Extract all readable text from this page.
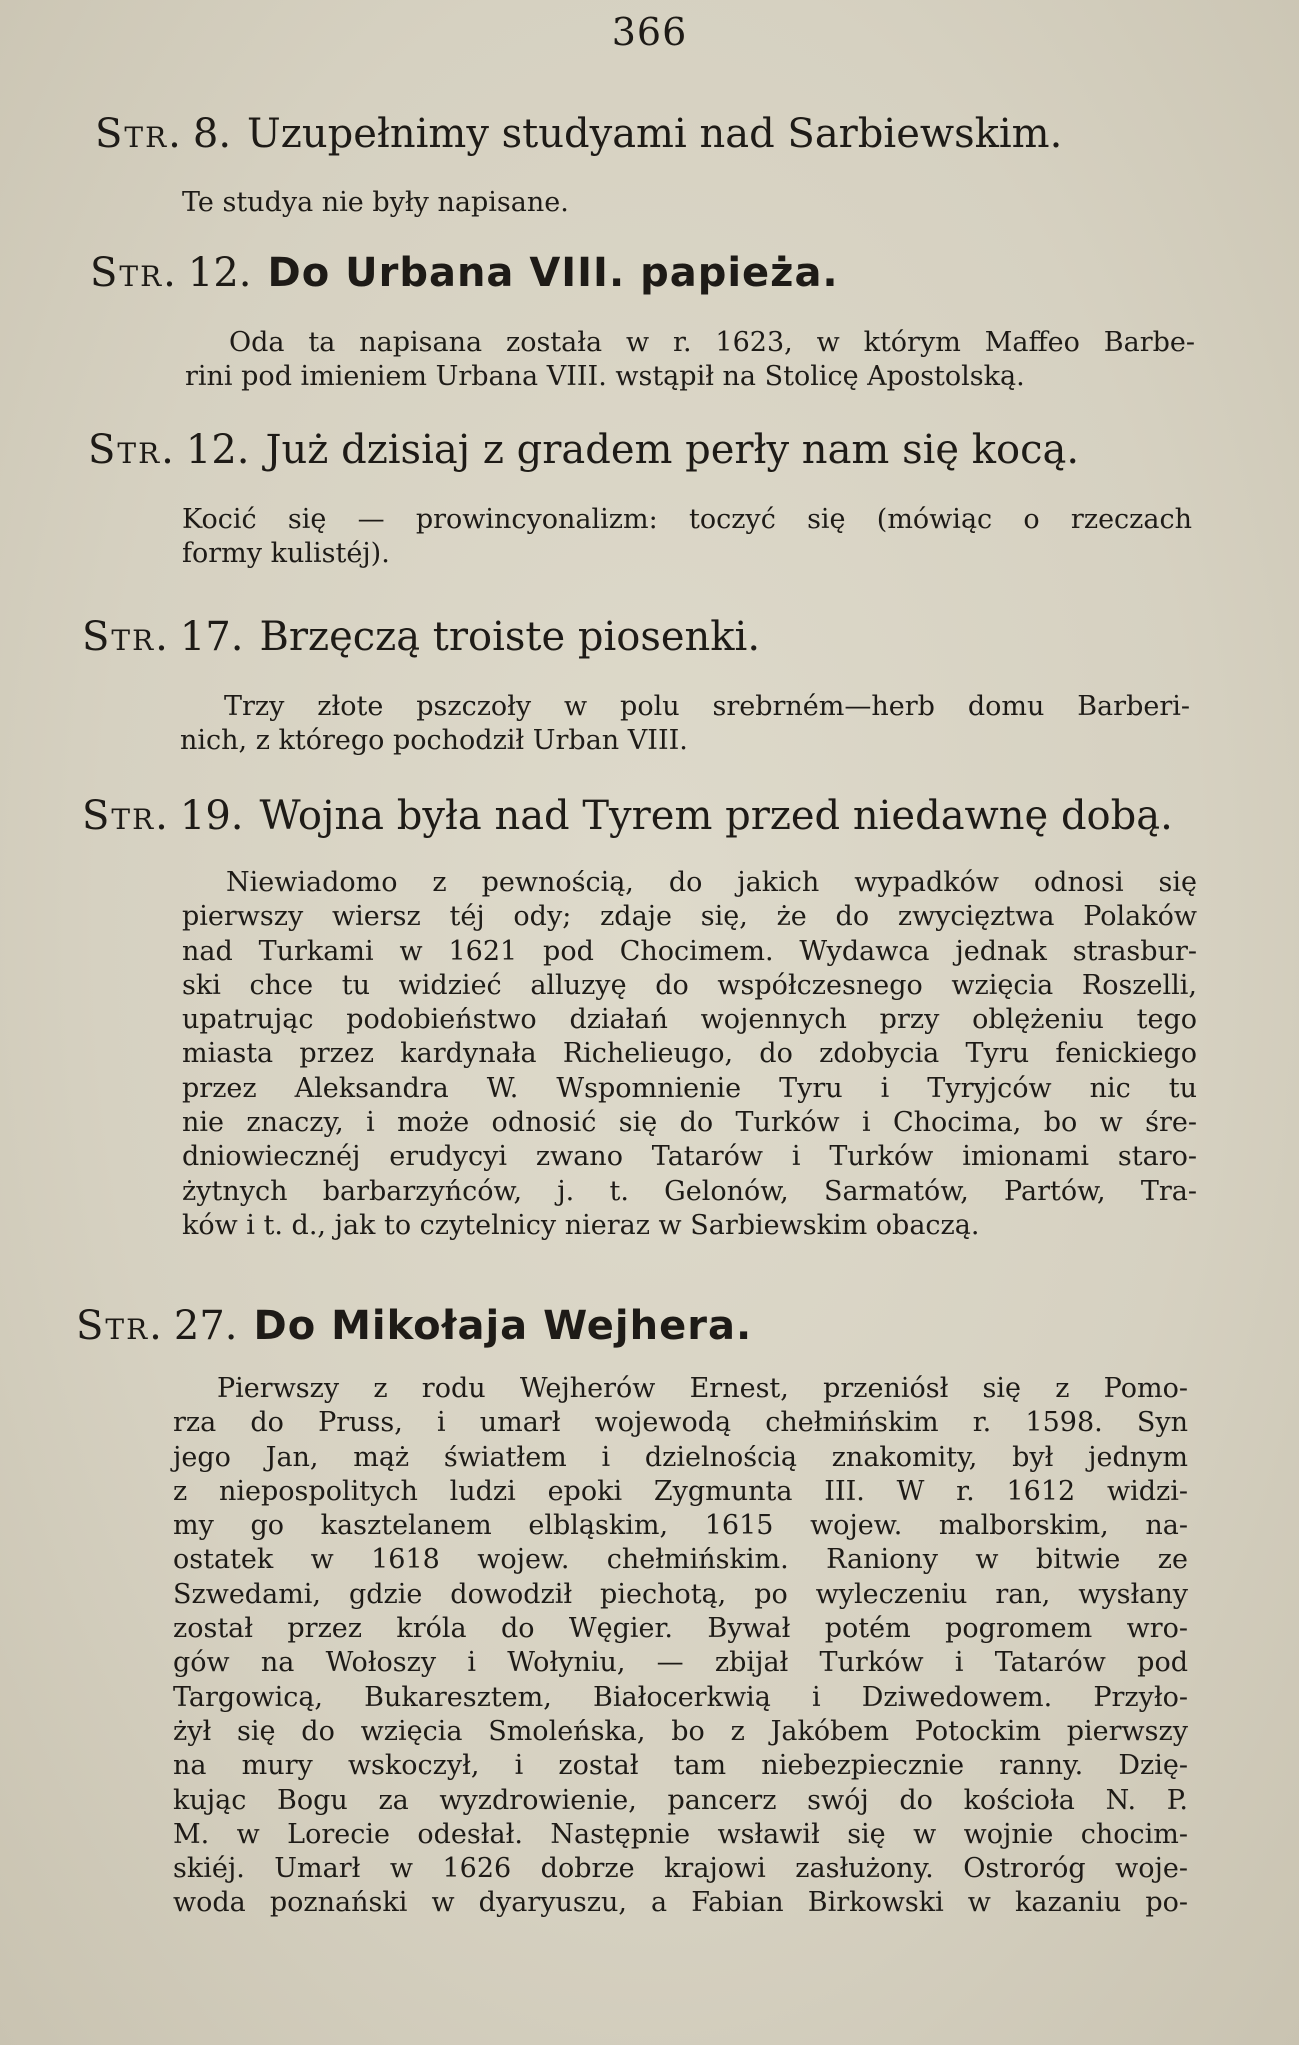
366
Str. 8. Uzupełnimy studyami nad Sarbiewskim.
Te studya nie były napisane.
Str. 12. Do Urbana VIII. papieża.
Oda ta napisana została w r. 1623, w którym Maffeo Barbe-
rini pod imieniem Urbana VIII. wstąpił na Stolicę Apostolską.
Str. 12. Już dzisiaj z gradem perły nam się kocą.
Kocić się — prowincyonalizm: toczyć się (mówiąc o rzeczach
formy kulistéj).
Str. 17. Brzęczą troiste piosenki.
Trzy złote pszczoły w polu srebrném—herb domu Barberi-
nich, z którego pochodził Urban VIII.
Str. 19. Wojna była nad Tyrem przed niedawnę dobą.
Niewiadomo z pewnością, do jakich wypadków odnosi się
pierwszy wiersz téj ody; zdaje się, że do zwycięztwa Polaków
nad Turkami w 1621 pod Chocimem. Wydawca jednak strasbur-
ski chce tu widzieć alluzyę do współczesnego wzięcia Roszelli,
upatrując podobieństwo działań wojennych przy oblężeniu tego
miasta przez kardynała Richelieugo, do zdobycia Tyru fenickiego
przez Aleksandra W. Wspomnienie Tyru i Tyryjców nic tu
nie znaczy, i może odnosić się do Turków i Chocima, bo w śre-
dniowiecznéj erudycyi zwano Tatarów i Turków imionami staro-
żytnych barbarzyńców, j. t. Gelonów, Sarmatów, Partów, Tra-
ków i t. d., jak to czytelnicy nieraz w Sarbiewskim obaczą.
Str. 27. Do Mikołaja Wejhera.
Pierwszy z rodu Wejherów Ernest, przeniósł się z Pomo-
rza do Pruss, i umarł wojewodą chełmińskim r. 1598. Syn
jego Jan, mąż światłem i dzielnością znakomity, był jednym
z niepospolitych ludzi epoki Zygmunta III. W r. 1612 widzi-
my go kasztelanem elbląskim, 1615 wojew. malborskim, na-
ostatek w 1618 wojew. chełmińskim. Raniony w bitwie ze
Szwedami, gdzie dowodził piechotą, po wyleczeniu ran, wysłany
został przez króla do Węgier. Bywał potém pogromem wro-
gów na Wołoszy i Wołyniu, — zbijał Turków i Tatarów pod
Targowicą, Bukaresztem, Białocerkwią i Dziwedowem. Przyło-
żył się do wzięcia Smoleńska, bo z Jakóbem Potockim pierwszy
na mury wskoczył, i został tam niebezpiecznie ranny. Dzię-
kując Bogu za wyzdrowienie, pancerz swój do kościoła N. P.
M. w Lorecie odesłał. Następnie wsławił się w wojnie chocim-
skiéj. Umarł w 1626 dobrze krajowi zasłużony. Ostroróg woje-
woda poznański w dyaryuszu, a Fabian Birkowski w kazaniu po-
